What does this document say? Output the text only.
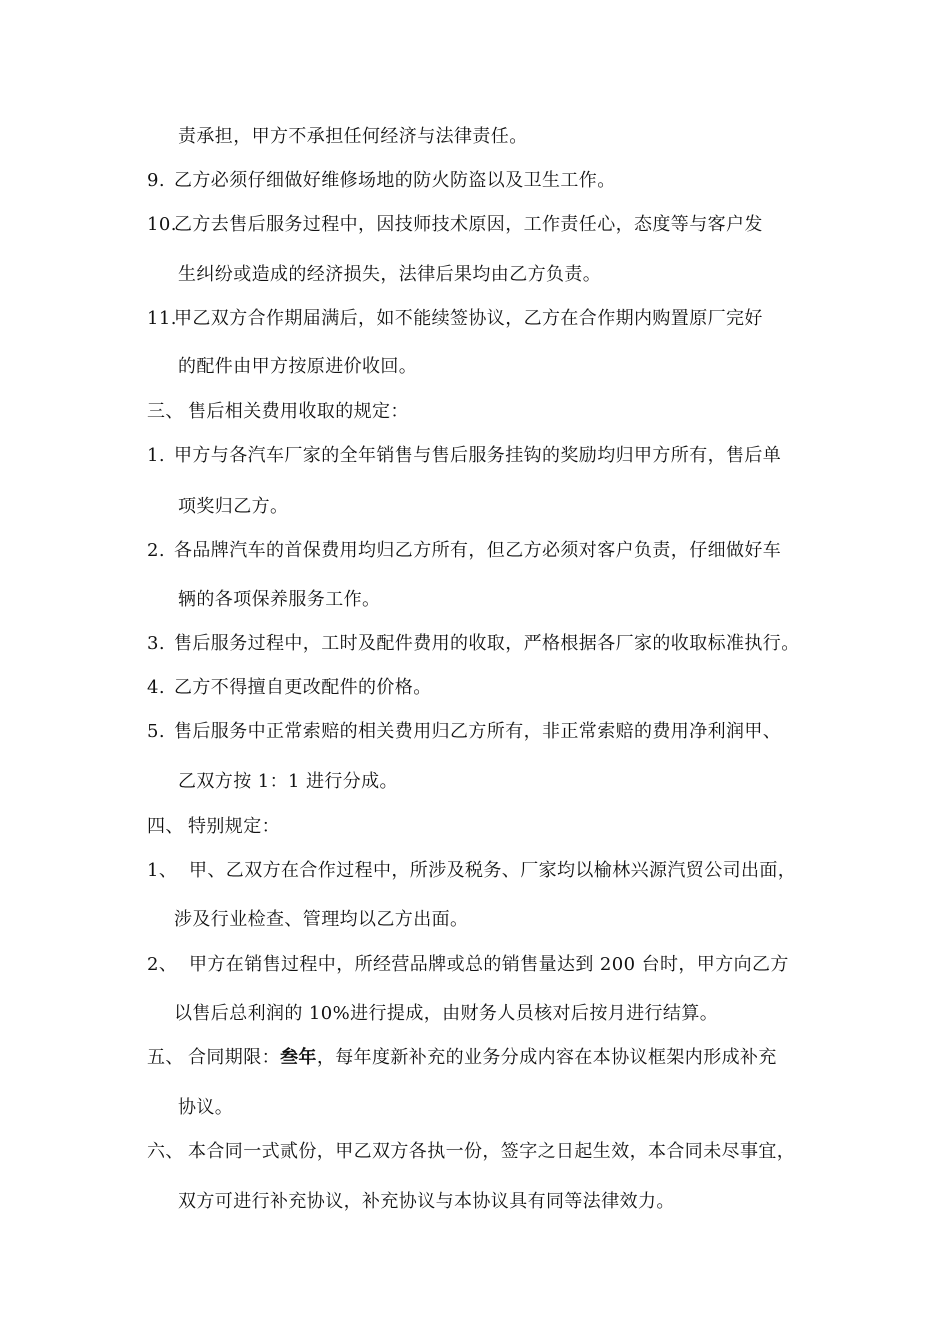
责承担，甲方不承担任何经济与法律责任。
9. 乙方必须仔细做好维修场地的防火防盗以及卫生工作。
10.乙方去售后服务过程中，因技师技术原因，工作责任心，态度等与客户发
生纠纷或造成的经济损失，法律后果均由乙方负责。
11.甲乙双方合作期届满后，如不能续签协议，乙方在合作期内购置原厂完好
的配件由甲方按原进价收回。
三、 售后相关费用收取的规定：
1. 甲方与各汽车厂家的全年销售与售后服务挂钩的奖励均归甲方所有，售后单
项奖归乙方。
2. 各品牌汽车的首保费用均归乙方所有，但乙方必须对客户负责，仔细做好车
辆的各项保养服务工作。
3. 售后服务过程中，工时及配件费用的收取，严格根据各厂家的收取标准执行。
4. 乙方不得擅自更改配件的价格。
5. 售后服务中正常索赔的相关费用归乙方所有，非正常索赔的费用净利润甲、
乙双方按 1：1 进行分成。
四、 特别规定：
1、 甲、乙双方在合作过程中，所涉及税务、厂家均以榆林兴源汽贸公司出面，
涉及行业检查、管理均以乙方出面。
2、 甲方在销售过程中，所经营品牌或总的销售量达到 200 台时，甲方向乙方
以售后总利润的 10%进行提成，由财务人员核对后按月进行结算。
五、 合同期限：叁年，每年度新补充的业务分成内容在本协议框架内形成补充
协议。
六、 本合同一式贰份，甲乙双方各执一份，签字之日起生效，本合同未尽事宜，
双方可进行补充协议，补充协议与本协议具有同等法律效力。
